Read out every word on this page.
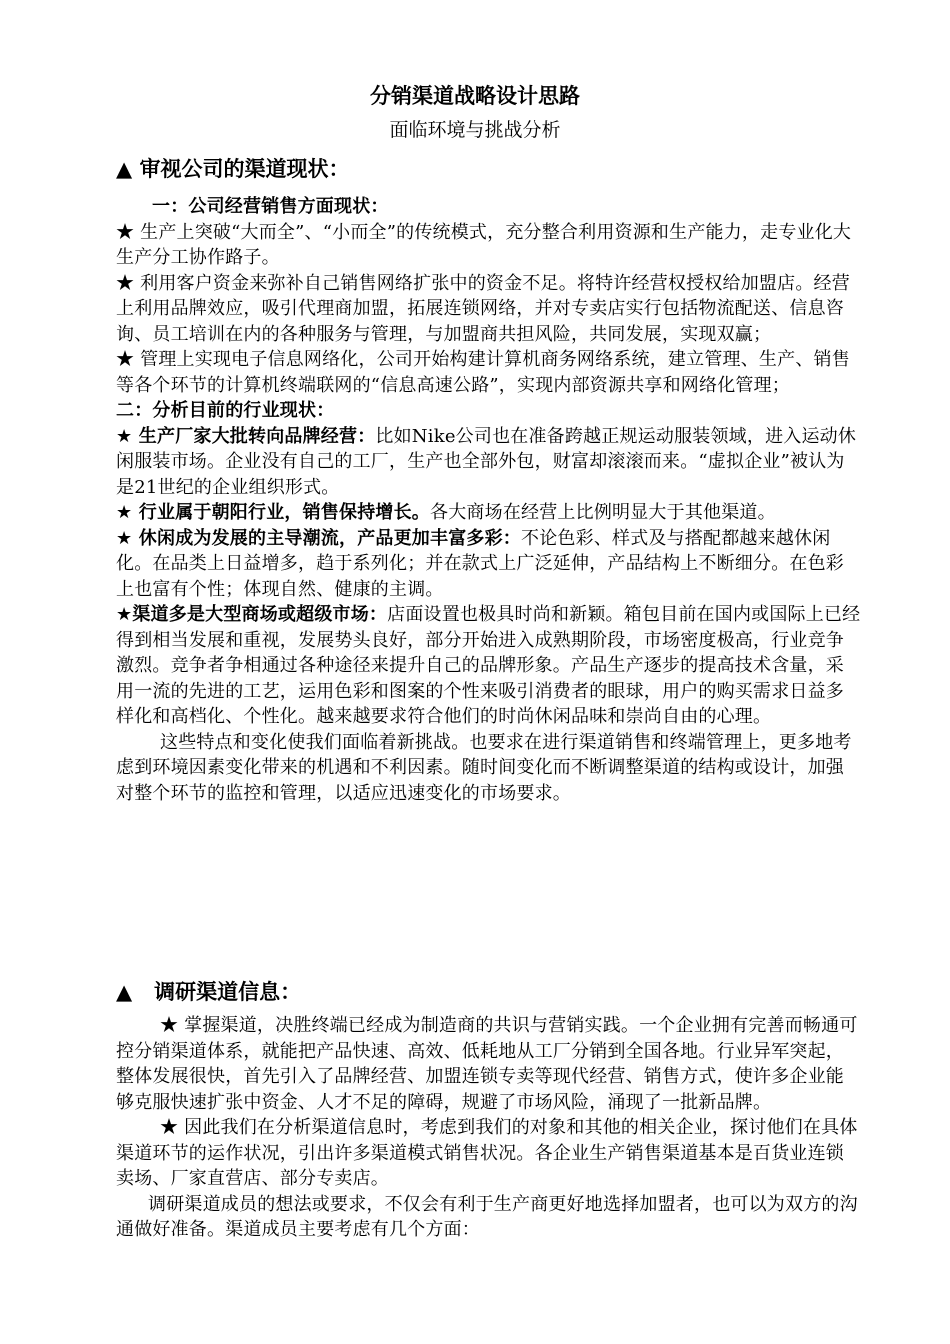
分销渠道战略设计思路
面临环境与挑战分析
▲ 审视公司的渠道现状：

一：公司经营销售方面现状：

★ 生产上突破“大而全”、“小而全”的传统模式，充分整合利用资源和生产能力，走专业化大生产分工协作路子。

★ 利用客户资金来弥补自己销售网络扩张中的资金不足。将特许经营权授权给加盟店。经营上利用品牌效应，吸引代理商加盟，拓展连锁网络，并对专卖店实行包括物流配送、信息咨询、员工培训在内的各种服务与管理，与加盟商共担风险，共同发展，实现双赢；

★ 管理上实现电子信息网络化，公司开始构建计算机商务网络系统，建立管理、生产、销售等各个环节的计算机终端联网的“信息高速公路”，实现内部资源共享和网络化管理；

二：分析目前的行业现状：

★ 生产厂家大批转向品牌经营：比如Nike公司也在准备跨越正规运动服装领域，进入运动休闲服装市场。企业没有自己的工厂，生产也全部外包，财富却滚滚而来。“虚拟企业”被认为是21世纪的企业组织形式。

★ 行业属于朝阳行业，销售保持增长。各大商场在经营上比例明显大于其他渠道。

★ 休闲成为发展的主导潮流，产品更加丰富多彩：不论色彩、样式及与搭配都越来越休闲化。在品类上日益增多，趋于系列化；并在款式上广泛延伸，产品结构上不断细分。在色彩上也富有个性；体现自然、健康的主调。

★渠道多是大型商场或超级市场：店面设置也极具时尚和新颖。箱包目前在国内或国际上已经得到相当发展和重视，发展势头良好，部分开始进入成熟期阶段，市场密度极高，行业竞争激烈。竞争者争相通过各种途径来提升自己的品牌形象。产品生产逐步的提高技术含量，采用一流的先进的工艺，运用色彩和图案的个性来吸引消费者的眼球，用户的购买需求日益多样化和高档化、个性化。越来越要求符合他们的时尚休闲品味和崇尚自由的心理。

这些特点和变化使我们面临着新挑战。也要求在进行渠道销售和终端管理上，更多地考虑到环境因素变化带来的机遇和不利因素。随时间变化而不断调整渠道的结构或设计，加强对整个环节的监控和管理，以适应迅速变化的市场要求。

▲ 调研渠道信息：

★ 掌握渠道，决胜终端已经成为制造商的共识与营销实践。一个企业拥有完善而畅通可控分销渠道体系，就能把产品快速、高效、低耗地从工厂分销到全国各地。行业异军突起，整体发展很快，首先引入了品牌经营、加盟连锁专卖等现代经营、销售方式，使许多企业能够克服快速扩张中资金、人才不足的障碍，规避了市场风险，涌现了一批新品牌。

★ 因此我们在分析渠道信息时，考虑到我们的对象和其他的相关企业，探讨他们在具体渠道环节的运作状况，引出许多渠道模式销售状况。各企业生产销售渠道基本是百货业连锁卖场、厂家直营店、部分专卖店。

调研渠道成员的想法或要求，不仅会有利于生产商更好地选择加盟者，也可以为双方的沟通做好准备。渠道成员主要考虑有几个方面：
